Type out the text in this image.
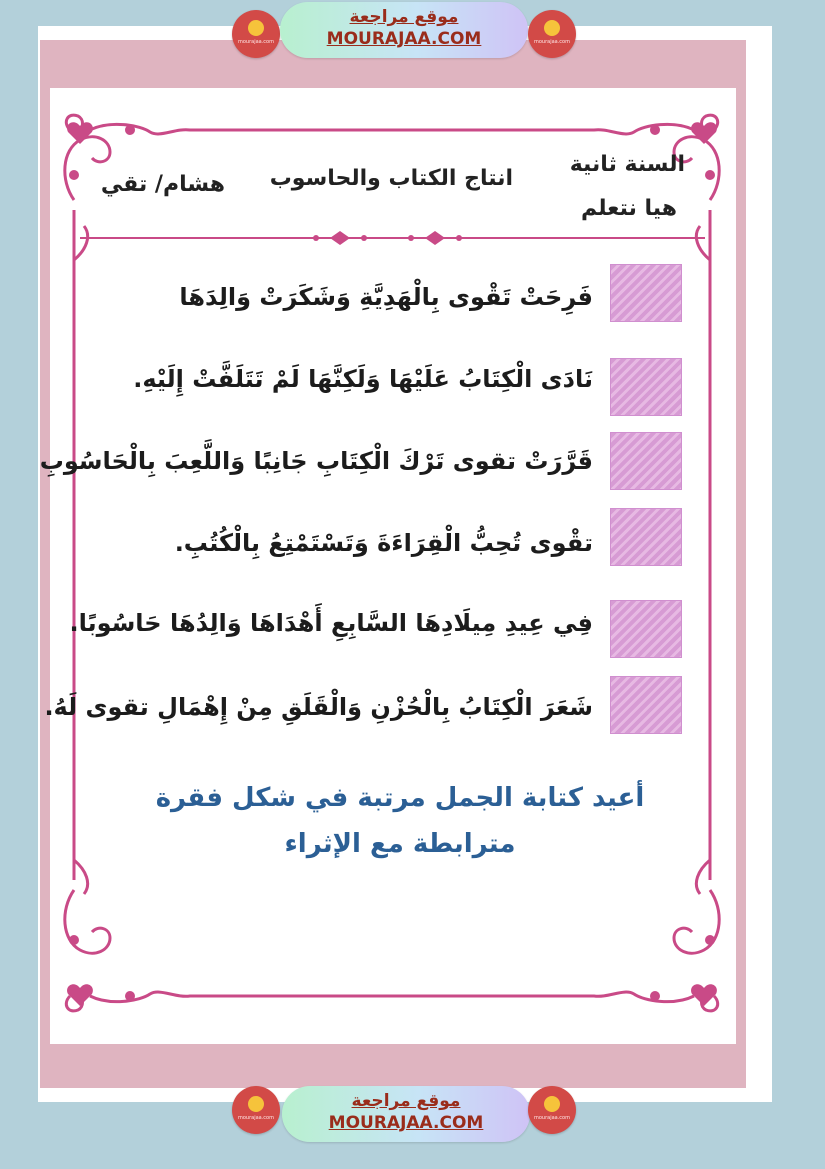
mourajaa.com
موقع مراجعة
MOURAJAA.COM	mourajaa.com
السنة ثانية
هيا نتعلم
انتاج الكتاب والحاسوب
هشام/ تقي
فَرِحَتْ تَقْوى بِالْهَدِيَّةِ وَشَكَرَتْ وَالِدَهَا
نَادَى الْكِتَابُ عَلَيْهَا وَلَكِنَّهَا لَمْ تَتَلَفَّتْ إِلَيْهِ.
قَرَّرَتْ تقوى تَرْكَ الْكِتَابِ جَانِبًا وَاللَّعِبَ بِالْحَاسُوبِ
تقْوى تُحِبُّ الْقِرَاءَةَ وَتَسْتَمْتِعُ بِالْكُتُبِ.
فِي عِيدِ مِيلَادِهَا السَّابِعِ أَهْدَاهَا وَالِدُهَا حَاسُوبًا.
شَعَرَ الْكِتَابُ بِالْحُزْنِ وَالْقَلَقِ مِنْ إِهْمَالِ تقوى لَهُ.
أعيد كتابة الجمل مرتبة في شكل فقرة
مترابطة مع الإثراء
mourajaa.com
موقع مراجعة
MOURAJAA.COM	mourajaa.com
